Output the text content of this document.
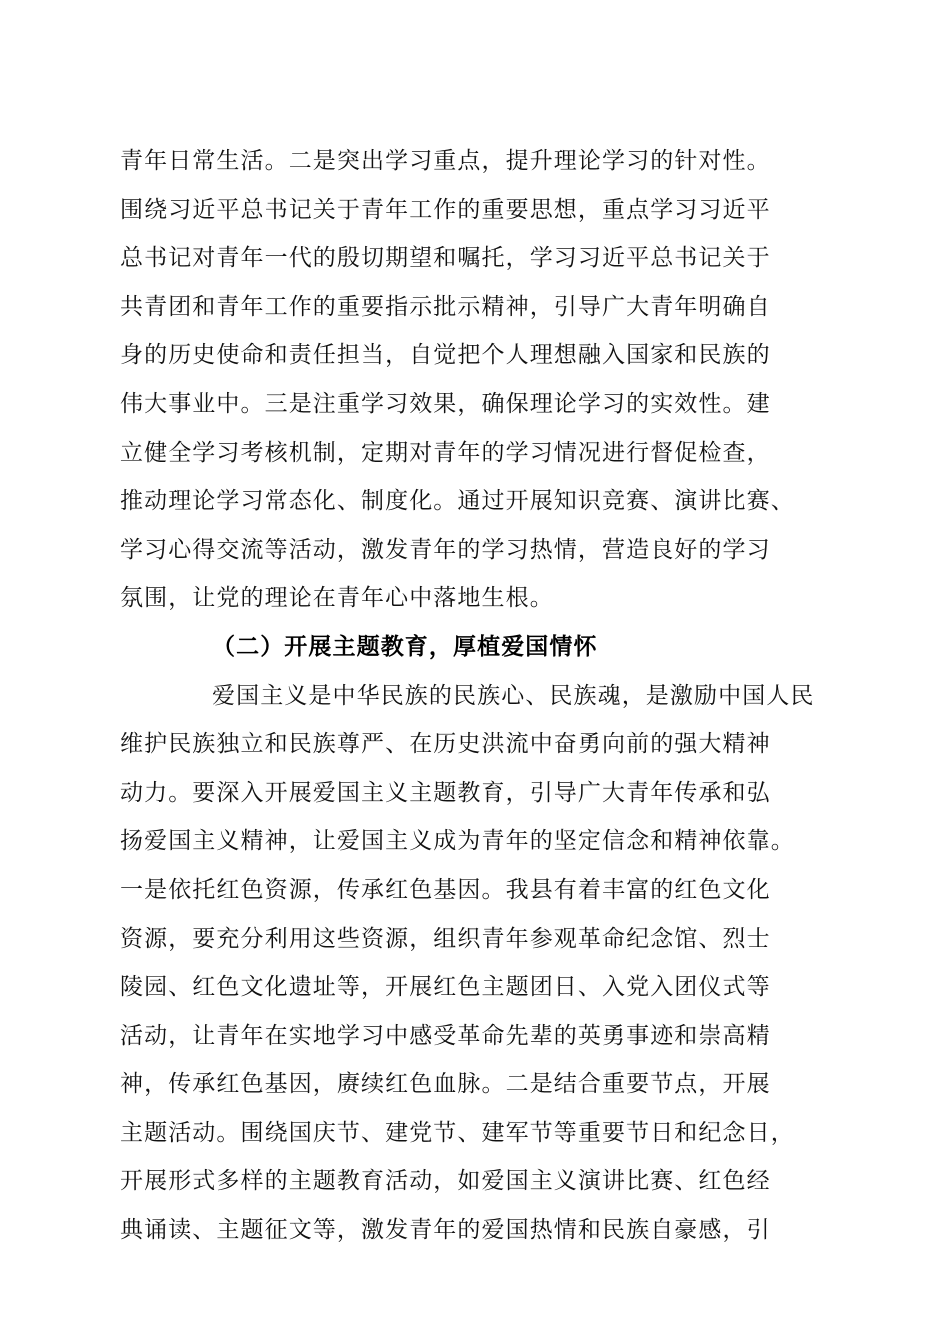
青年日常生活。二是突出学习重点，提升理论学习的针对性。
围绕习近平总书记关于青年工作的重要思想，重点学习习近平
总书记对青年一代的殷切期望和嘱托，学习习近平总书记关于
共青团和青年工作的重要指示批示精神，引导广大青年明确自
身的历史使命和责任担当，自觉把个人理想融入国家和民族的
伟大事业中。三是注重学习效果，确保理论学习的实效性。建
立健全学习考核机制，定期对青年的学习情况进行督促检查，
推动理论学习常态化、制度化。通过开展知识竞赛、演讲比赛、
学习心得交流等活动，激发青年的学习热情，营造良好的学习
氛围，让党的理论在青年心中落地生根。
（二）开展主题教育，厚植爱国情怀
爱国主义是中华民族的民族心、民族魂，是激励中国人民
维护民族独立和民族尊严、在历史洪流中奋勇向前的强大精神
动力。要深入开展爱国主义主题教育，引导广大青年传承和弘
扬爱国主义精神，让爱国主义成为青年的坚定信念和精神依靠。
一是依托红色资源，传承红色基因。我县有着丰富的红色文化
资源，要充分利用这些资源，组织青年参观革命纪念馆、烈士
陵园、红色文化遗址等，开展红色主题团日、入党入团仪式等
活动，让青年在实地学习中感受革命先辈的英勇事迹和崇高精
神，传承红色基因，赓续红色血脉。二是结合重要节点，开展
主题活动。围绕国庆节、建党节、建军节等重要节日和纪念日，
开展形式多样的主题教育活动，如爱国主义演讲比赛、红色经
典诵读、主题征文等，激发青年的爱国热情和民族自豪感，引
